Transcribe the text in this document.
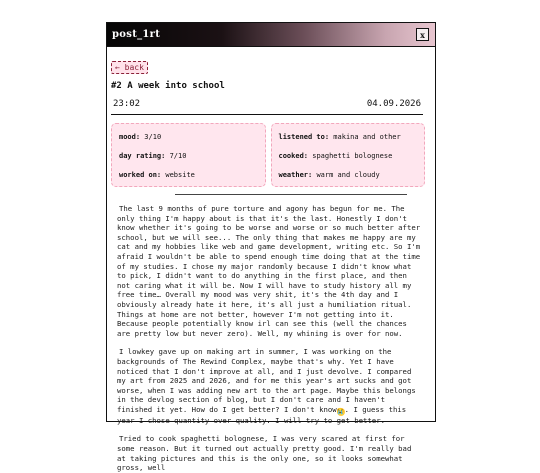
post_1rt	x
← back
#2 A week into school
23:02	04.09.2026
mood: 3/10
day rating: 7/10
worked on: website
listened to: makina and other
cooked: spaghetti bolognese
weather: warm and cloudy

The last 9 months of pure torture and agony has begun for me. The only thing I'm happy about is that it's the last. Honestly I don't know whether it's going to be worse and worse or so much better after school, but we will see... The only thing that makes me happy are my cat and my hobbies like web and game development, writing etc. So I'm afraid I wouldn't be able to spend enough time doing that at the time of my studies. I chose my major randomly because I didn't know what to pick, I didn't want to do anything in the first place, and then not caring what it will be. Now I will have to study history all my free time… Overall my mood was very shit, it's the 4th day and I obviously already hate it here, it's all just a humiliation ritual. Things at home are not better, however I'm not getting into it. Because people potentially know irl can see this (well the chances are pretty low but never zero). Well, my whining is over for now.

I lowkey gave up on making art in summer, I was working on the backgrounds of The Rewind Complex, maybe that's why. Yet I have noticed that I don't improve at all, and I just devolve. I compared my art from 2025 and 2026, and for me this year's art sucks and got worse, when I was adding new art to the art page. Maybe this belongs in the devlog section of blog, but I don't care and I haven't finished it yet. How do I get better? I don't know😭. I guess this year I chose quantity over quality. I will try to get better.

Tried to cook spaghetti bolognese, I was very scared at first for some reason. But it turned out actually pretty good. I'm really bad at taking pictures and this is the only one, so it looks somewhat gross, well
